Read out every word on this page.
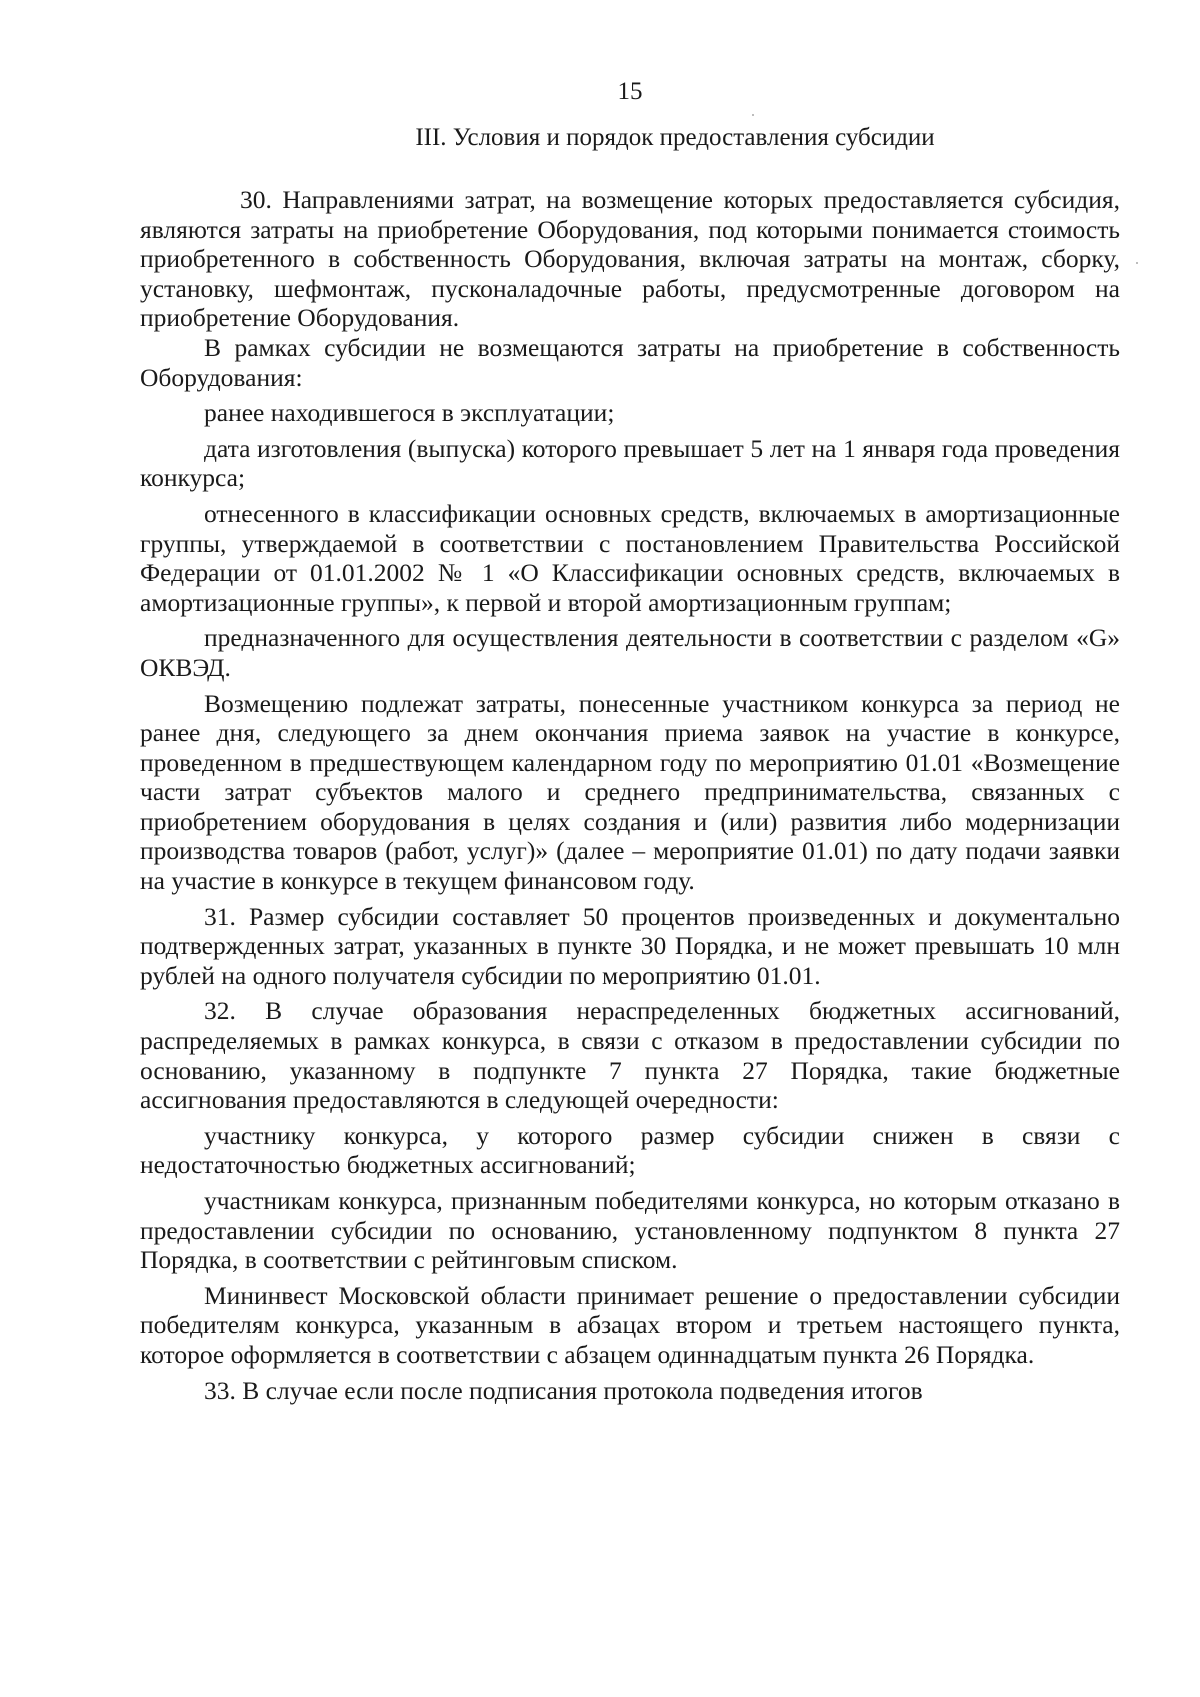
15
III. Условия и порядок предоставления субсидии

30. Направлениями затрат, на возмещение которых предоставляется субсидия, являются затраты на приобретение Оборудования, под которыми понимается стоимость приобретенного в собственность Оборудования, включая затраты на монтаж, сборку, установку, шефмонтаж, пусконаладочные работы, предусмотренные договором на приобретение Оборудования.

В рамках субсидии не возмещаются затраты на приобретение в собственность Оборудования:

ранее находившегося в эксплуатации;

дата изготовления (выпуска) которого превышает 5 лет на 1 января года проведения конкурса;

отнесенного в классификации основных средств, включаемых в амортизационные группы, утверждаемой в соответствии с постановлением Правительства Российской Федерации от 01.01.2002 № 1 «О Классификации основных средств, включаемых в амортизационные группы», к первой и второй амортизационным группам;

предназначенного для осуществления деятельности в соответствии с разделом «G» ОКВЭД.

Возмещению подлежат затраты, понесенные участником конкурса за период не ранее дня, следующего за днем окончания приема заявок на участие в конкурсе, проведенном в предшествующем календарном году по мероприятию 01.01 «Возмещение части затрат субъектов малого и среднего предпринимательства, связанных с приобретением оборудования в целях создания и (или) развития либо модернизации производства товаров (работ, услуг)» (далее – мероприятие 01.01) по дату подачи заявки на участие в конкурсе в текущем финансовом году.

31. Размер субсидии составляет 50 процентов произведенных и документально подтвержденных затрат, указанных в пункте 30 Порядка, и не может превышать 10 млн рублей на одного получателя субсидии по мероприятию 01.01.

32. В случае образования нераспределенных бюджетных ассигнований, распределяемых в рамках конкурса, в связи с отказом в предоставлении субсидии по основанию, указанному в подпункте 7 пункта 27 Порядка, такие бюджетные ассигнования предоставляются в следующей очередности:

участнику конкурса, у которого размер субсидии снижен в связи с недостаточностью бюджетных ассигнований;

участникам конкурса, признанным победителями конкурса, но которым отказано в предоставлении субсидии по основанию, установленному подпунктом 8 пункта 27 Порядка, в соответствии с рейтинговым списком.

Мининвест Московской области принимает решение о предоставлении субсидии победителям конкурса, указанным в абзацах втором и третьем настоящего пункта, которое оформляется в соответствии с абзацем одиннадцатым пункта 26 Порядка.

33. В случае если после подписания протокола подведения итогов
